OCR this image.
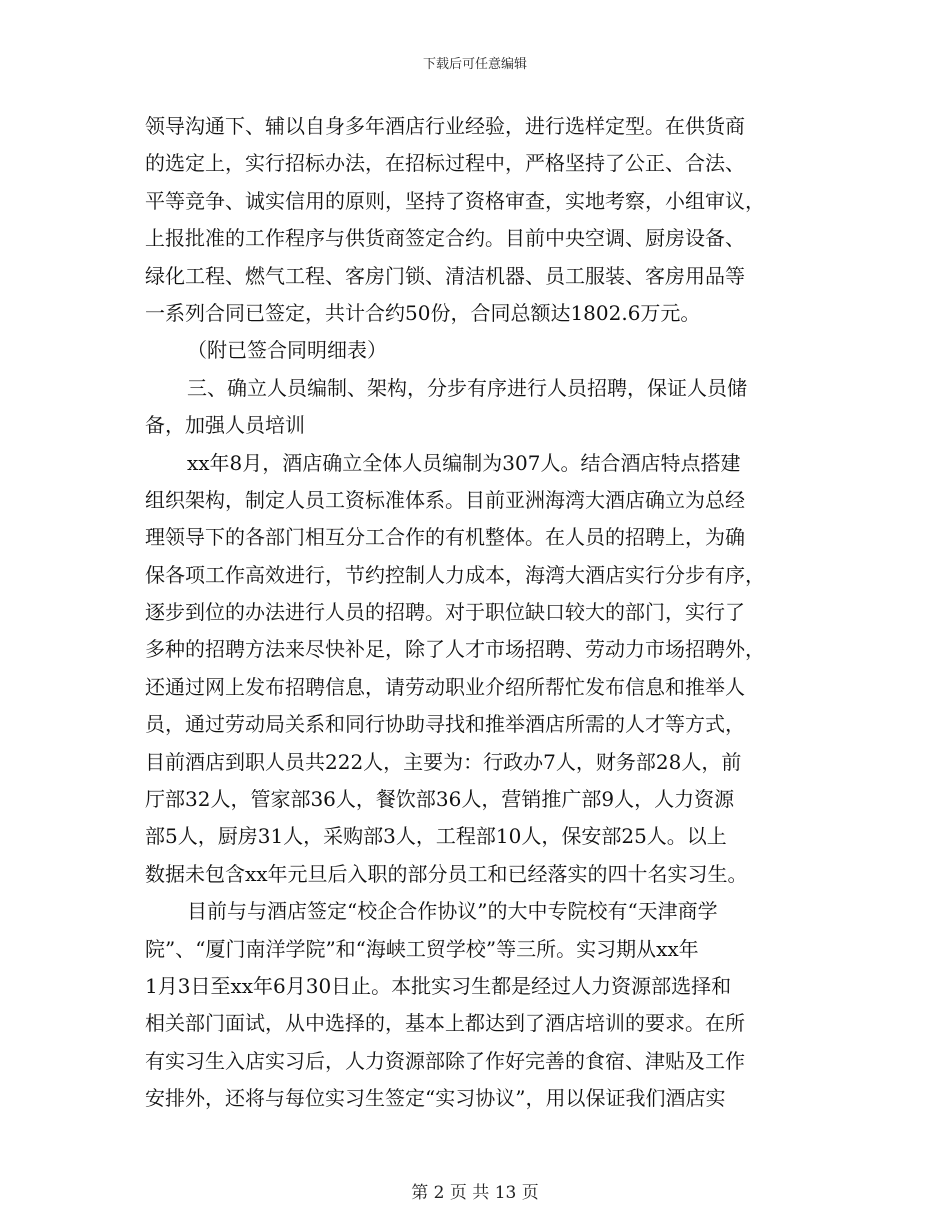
下载后可任意编辑
领导沟通下、辅以自身多年酒店行业经验，进行选样定型。在供货商
的选定上，实行招标办法，在招标过程中，严格坚持了公正、合法、
平等竞争、诚实信用的原则，坚持了资格审查，实地考察，小组审议，
上报批准的工作程序与供货商签定合约。目前中央空调、厨房设备、
绿化工程、燃气工程、客房门锁、清洁机器、员工服装、客房用品等
一系列合同已签定，共计合约50份，合同总额达1802.6万元。
（附已签合同明细表）
三、确立人员编制、架构，分步有序进行人员招聘，保证人员储
备，加强人员培训
xx年8月，酒店确立全体人员编制为307人。结合酒店特点搭建
组织架构，制定人员工资标准体系。目前亚洲海湾大酒店确立为总经
理领导下的各部门相互分工合作的有机整体。在人员的招聘上，为确
保各项工作高效进行，节约控制人力成本，海湾大酒店实行分步有序，
逐步到位的办法进行人员的招聘。对于职位缺口较大的部门，实行了
多种的招聘方法来尽快补足，除了人才市场招聘、劳动力市场招聘外，
还通过网上发布招聘信息，请劳动职业介绍所帮忙发布信息和推举人
员，通过劳动局关系和同行协助寻找和推举酒店所需的人才等方式，
目前酒店到职人员共222人，主要为：行政办7人，财务部28人，前
厅部32人，管家部36人，餐饮部36人，营销推广部9人，人力资源
部5人，厨房31人，采购部3人，工程部10人，保安部25人。以上
数据未包含xx年元旦后入职的部分员工和已经落实的四十名实习生。
目前与与酒店签定“校企合作协议”的大中专院校有“天津商学
院”、“厦门南洋学院”和“海峡工贸学校”等三所。实习期从xx年
1月3日至xx年6月30日止。本批实习生都是经过人力资源部选择和
相关部门面试，从中选择的，基本上都达到了酒店培训的要求。在所
有实习生入店实习后，人力资源部除了作好完善的食宿、津贴及工作
安排外，还将与每位实习生签定“实习协议”，用以保证我们酒店实
第 2 页 共 13 页
